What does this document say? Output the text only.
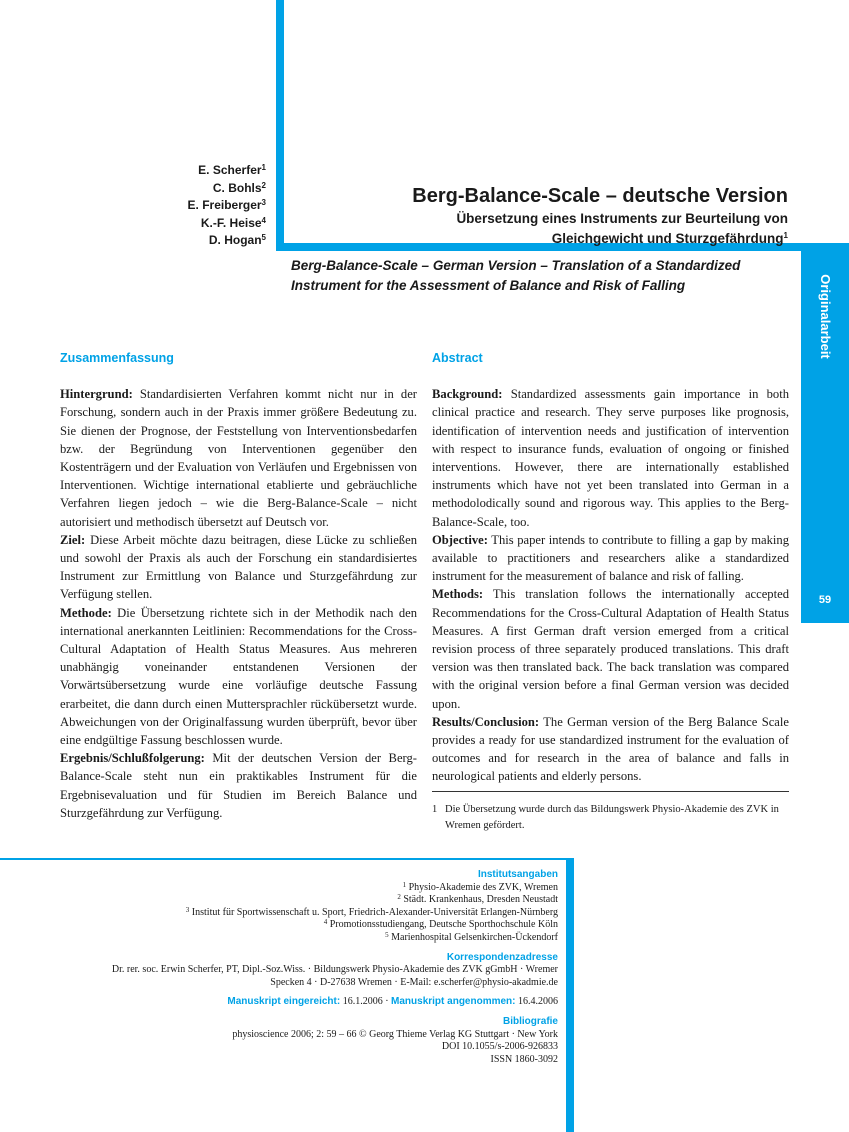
Originalarbeit
59
E. Scherfer$^1$
C. Bohls$^2$
E. Freiberger$^3$
K.-F. Heise$^4$
D. Hogan$^5$
Berg-Balance-Scale – deutsche Version
Übersetzung eines Instruments zur Beurteilung von
Gleichgewicht und Sturzgefährdung$^1$
Berg-Balance-Scale – German Version – Translation of a Standardized Instrument for the Assessment of Balance and Risk of Falling
Zusammenfassung

Hintergrund: Standardisierten Verfahren kommt nicht nur in der Forschung, sondern auch in der Praxis immer größere Bedeutung zu. Sie dienen der Prognose, der Feststellung von Interventionsbedarfen bzw. der Begründung von Interventionen gegenüber den Kostenträgern und der Evaluation von Verläufen und Ergebnissen von Interventionen. Wichtige international etablierte und gebräuchliche Verfahren liegen jedoch – wie die Berg-Balance-Scale – nicht autorisiert und methodisch übersetzt auf Deutsch vor.

Ziel: Diese Arbeit möchte dazu beitragen, diese Lücke zu schließen und sowohl der Praxis als auch der Forschung ein standardisiertes Instrument zur Ermittlung von Balance und Sturzgefährdung zur Verfügung stellen.

Methode: Die Übersetzung richtete sich in der Methodik nach den international anerkannten Leitlinien: Recommendations for the Cross-Cultural Adaptation of Health Status Measures. Aus mehreren unabhängig voneinander entstandenen Versionen der Vorwärtsübersetzung wurde eine vorläufige deutsche Fassung erarbeitet, die dann durch einen Muttersprachler rückübersetzt wurde. Abweichungen von der Originalfassung wurden überprüft, bevor über eine endgültige Fassung beschlossen wurde.

Ergebnis/Schlußfolgerung: Mit der deutschen Version der Berg-Balance-Scale steht nun ein praktikables Instrument für die Ergebnisevaluation und für Studien im Bereich Balance und Sturzgefährdung zur Verfügung.

Abstract

Background: Standardized assessments gain importance in both clinical practice and research. They serve purposes like prognosis, identification of intervention needs and justification of intervention with respect to insurance funds, evaluation of ongoing or finished interventions. However, there are internationally established instruments which have not yet been translated into German in a methodolodically sound and rigorous way. This applies to the Berg-Balance-Scale, too.

Objective: This paper intends to contribute to filling a gap by making available to practitioners and researchers alike a standardized instrument for the measurement of balance and risk of falling.

Methods: This translation follows the internationally accepted Recommendations for the Cross-Cultural Adaptation of Health Status Measures. A first German draft version emerged from a critical revision process of three separately produced translations. This draft version was then translated back. The back translation was compared with the original version before a final German version was decided upon.

Results/Conclusion: The German version of the Berg Balance Scale provides a ready for use standardized instrument for the evaluation of outcomes and for research in the area of balance and falls in neurological patients and elderly persons.

1 Die Übersetzung wurde durch das Bildungswerk Physio-Akademie des ZVK in Wremen gefördert.
Institutsangaben
$^1$ Physio-Akademie des ZVK, Wremen
$^2$ Städt. Krankenhaus, Dresden Neustadt
$^3$ Institut für Sportwissenschaft u. Sport, Friedrich-Alexander-Universität Erlangen-Nürnberg
$^4$ Promotionsstudiengang, Deutsche Sporthochschule Köln
$^5$ Marienhospital Gelsenkirchen-Ückendorf
Korrespondenzadresse
Dr. rer. soc. Erwin Scherfer, PT, Dipl.-Soz.Wiss. · Bildungswerk Physio-Akademie des ZVK gGmbH · Wremer
Specken 4 · D-27638 Wremen · E-Mail: e.scherfer@physio-akadmie.de
Manuskript eingereicht: 16.1.2006 · Manuskript angenommen: 16.4.2006
Bibliografie
physioscience 2006; 2: 59 – 66 © Georg Thieme Verlag KG Stuttgart · New York
DOI 10.1055/s-2006-926833
ISSN 1860-3092
